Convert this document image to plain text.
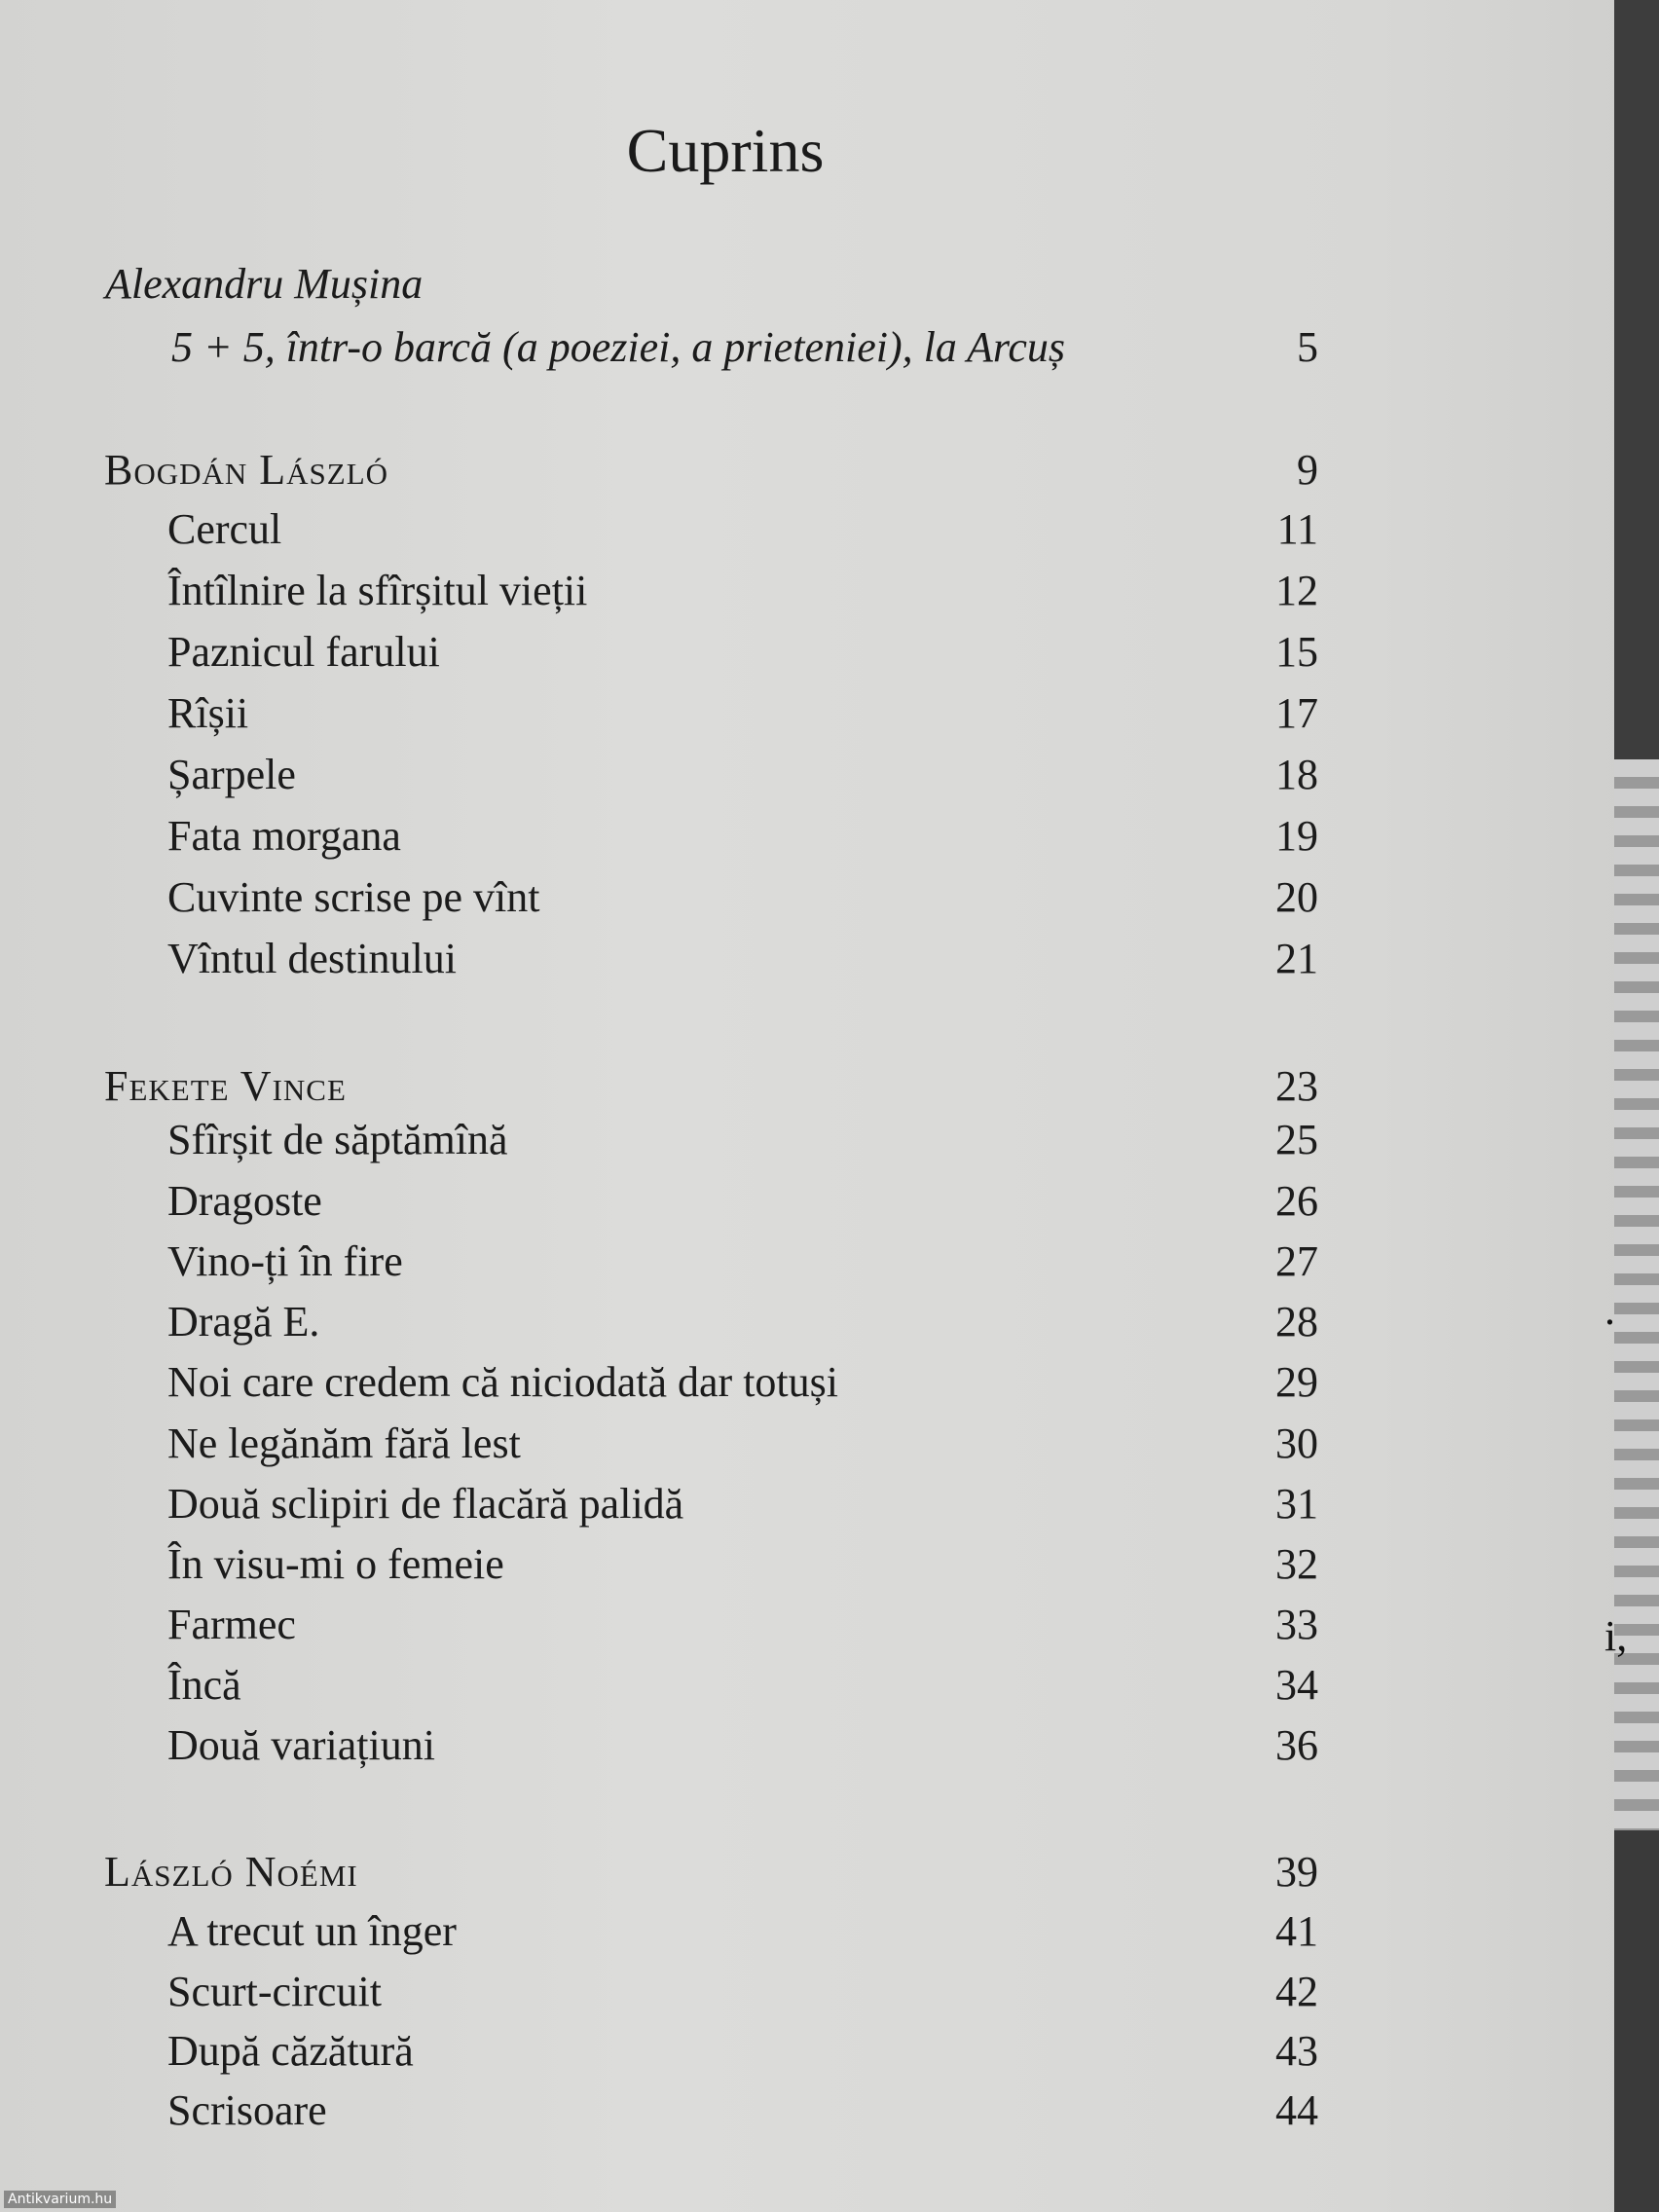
Cuprins
Alexandru Mușina
5 + 5, într-o barcă (a poeziei, a prieteniei), la Arcuș	5
Bogdán László	9
Cercul	11
Întîlnire la sfîrșitul vieții	12
Paznicul farului	15
Rîșii	17
Șarpele	18
Fata morgana	19
Cuvinte scrise pe vînt	20
Vîntul destinului	21
Fekete Vince	23
Sfîrșit de săptămînă	25
Dragoste	26
Vino-ți în fire	27
Dragă E.	28
Noi care credem că niciodată dar totuși	29
Ne legănăm fără lest	30
Două sclipiri de flacără palidă	31
În visu-mi o femeie	32
Farmec	33
Încă	34
Două variațiuni	36
László Noémi	39
A trecut un înger	41
Scurt-circuit	42
După căzătură	43
Scrisoare	44
.
i,
Antikvarium.hu
